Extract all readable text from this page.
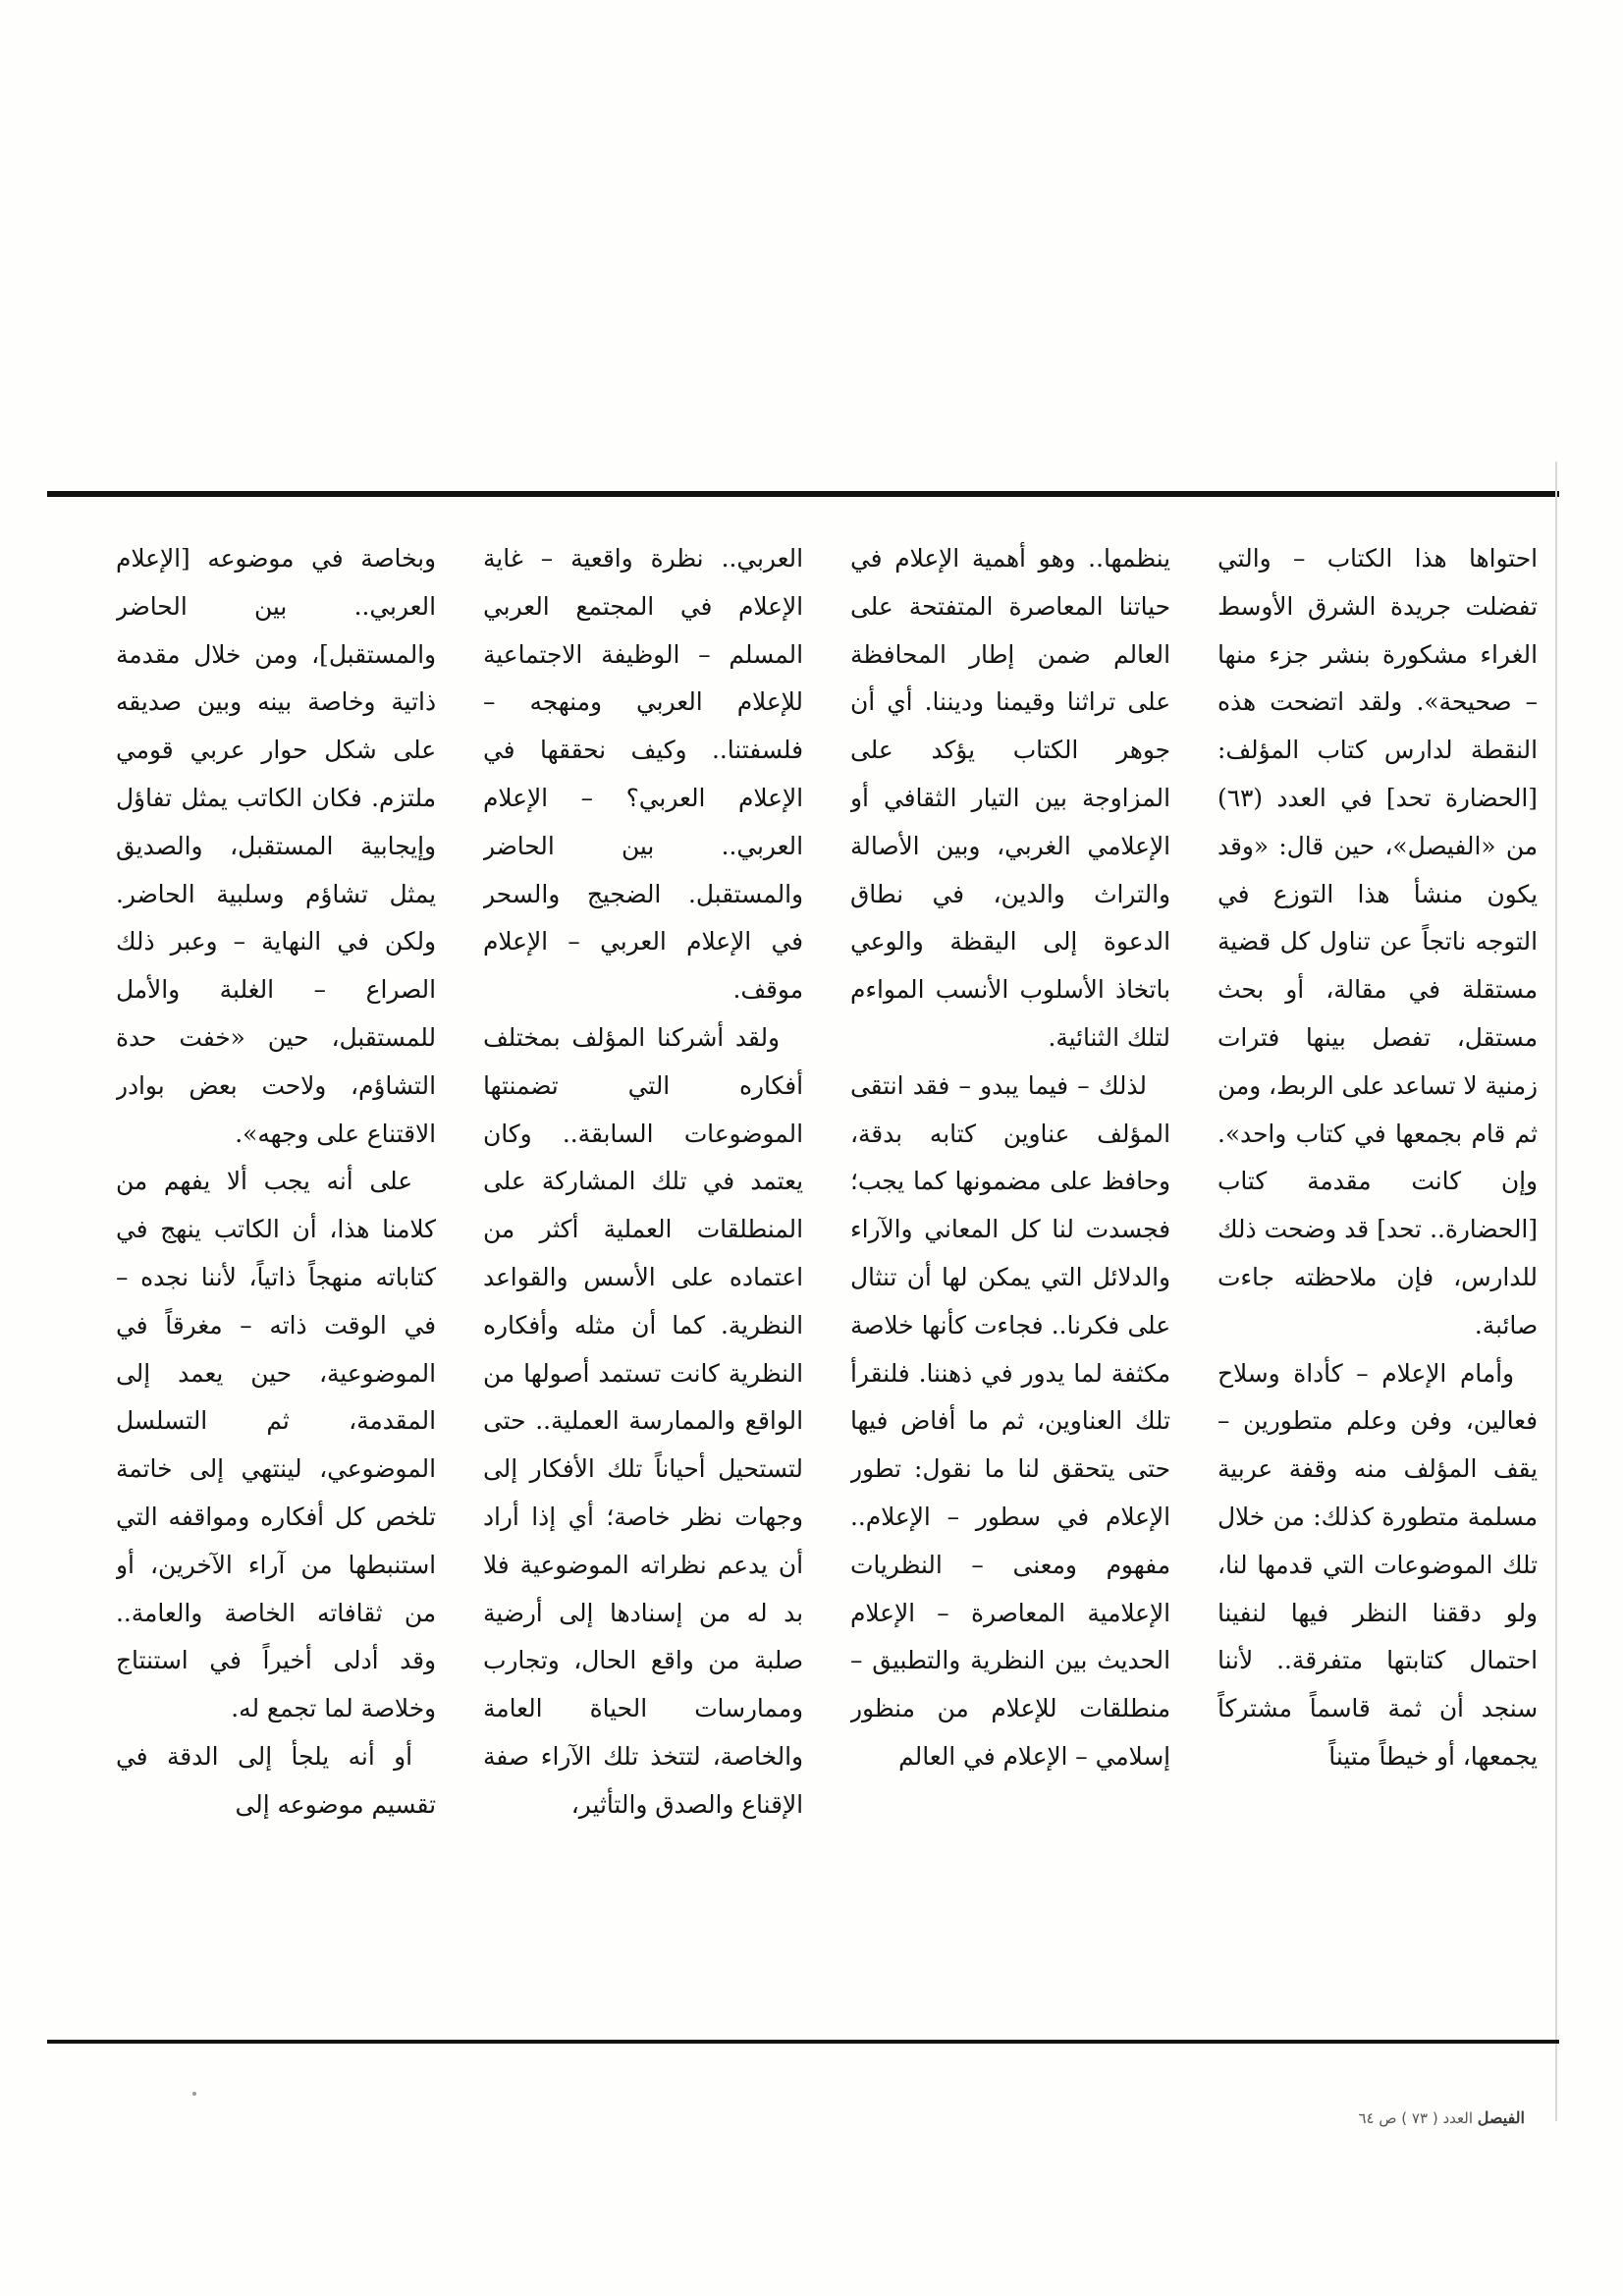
احتواها هذا الكتاب – والتي تفضلت جريدة الشرق الأوسط الغراء مشكورة بنشر جزء منها – صحيحة». ولقد اتضحت هذه النقطة لدارس كتاب المؤلف: [الحضارة تحد] في العدد (٦٣) من «الفيصل»، حين قال: «وقد يكون منشأ هذا التوزع في التوجه ناتجاً عن تناول كل قضية مستقلة في مقالة، أو بحث مستقل، تفصل بينها فترات زمنية لا تساعد على الربط، ومن ثم قام بجمعها في كتاب واحد». وإن كانت مقدمة كتاب [الحضارة.. تحد] قد وضحت ذلك للدارس، فإن ملاحظته جاءت صائبة.

وأمام الإعلام – كأداة وسلاح فعالين، وفن وعلم متطورين – يقف المؤلف منه وقفة عربية مسلمة متطورة كذلك: من خلال تلك الموضوعات التي قدمها لنا، ولو دققنا النظر فيها لنفينا احتمال كتابتها متفرقة.. لأننا سنجد أن ثمة قاسماً مشتركاً يجمعها، أو خيطاً متيناً

ينظمها.. وهو أهمية الإعلام في حياتنا المعاصرة المتفتحة على العالم ضمن إطار المحافظة على تراثنا وقيمنا وديننا. أي أن جوهر الكتاب يؤكد على المزاوجة بين التيار الثقافي أو الإعلامي الغربي، وبين الأصالة والتراث والدين، في نطاق الدعوة إلى اليقظة والوعي باتخاذ الأسلوب الأنسب المواءم لتلك الثنائية.

لذلك – فيما يبدو – فقد انتقى المؤلف عناوين كتابه بدقة، وحافظ على مضمونها كما يجب؛ فجسدت لنا كل المعاني والآراء والدلائل التي يمكن لها أن تنثال على فكرنا.. فجاءت كأنها خلاصة مكثفة لما يدور في ذهننا. فلنقرأ تلك العناوين، ثم ما أفاض فيها حتى يتحقق لنا ما نقول: تطور الإعلام في سطور – الإعلام.. مفهوم ومعنى – النظريات الإعلامية المعاصرة – الإعلام الحديث بين النظرية والتطبيق – منطلقات للإعلام من منظور إسلامي – الإعلام في العالم

العربي.. نظرة واقعية – غاية الإعلام في المجتمع العربي المسلم – الوظيفة الاجتماعية للإعلام العربي ومنهجه – فلسفتنا.. وكيف نحققها في الإعلام العربي؟ – الإعلام العربي.. بين الحاضر والمستقبل. الضجيج والسحر في الإعلام العربي – الإعلام موقف.

ولقد أشركنا المؤلف بمختلف أفكاره التي تضمنتها الموضوعات السابقة.. وكان يعتمد في تلك المشاركة على المنطلقات العملية أكثر من اعتماده على الأسس والقواعد النظرية. كما أن مثله وأفكاره النظرية كانت تستمد أصولها من الواقع والممارسة العملية.. حتى لتستحيل أحياناً تلك الأفكار إلى وجهات نظر خاصة؛ أي إذا أراد أن يدعم نظراته الموضوعية فلا بد له من إسنادها إلى أرضية صلبة من واقع الحال، وتجارب وممارسات الحياة العامة والخاصة، لتتخذ تلك الآراء صفة الإقناع والصدق والتأثير،

وبخاصة في موضوعه [الإعلام العربي.. بين الحاضر والمستقبل]، ومن خلال مقدمة ذاتية وخاصة بينه وبين صديقه على شكل حوار عربي قومي ملتزم. فكان الكاتب يمثل تفاؤل وإيجابية المستقبل، والصديق يمثل تشاؤم وسلبية الحاضر. ولكن في النهاية – وعبر ذلك الصراع – الغلبة والأمل للمستقبل، حين «خفت حدة التشاؤم، ولاحت بعض بوادر الاقتناع على وجهه».

على أنه يجب ألا يفهم من كلامنا هذا، أن الكاتب ينهج في كتاباته منهجاً ذاتياً، لأننا نجده – في الوقت ذاته – مغرقاً في الموضوعية، حين يعمد إلى المقدمة، ثم التسلسل الموضوعي، لينتهي إلى خاتمة تلخص كل أفكاره ومواقفه التي استنبطها من آراء الآخرين، أو من ثقافاته الخاصة والعامة.. وقد أدلى أخيراً في استنتاج وخلاصة لما تجمع له.

أو أنه يلجأ إلى الدقة في تقسيم موضوعه إلى

الفيصل العدد ( ٧٣ ) ص ٦٤
